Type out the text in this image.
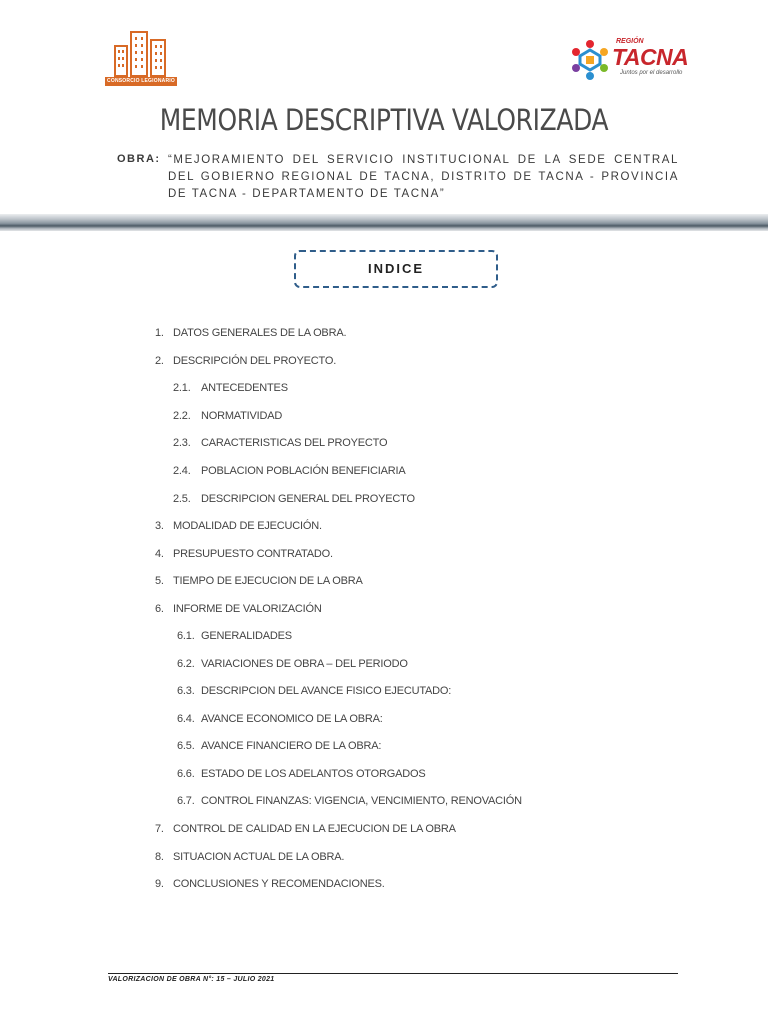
CONSORCIO LEGIONARIO
REGIÓN
TACNA
Juntos por el desarrollo
MEMORIA DESCRIPTIVA VALORIZADA
OBRA: “MEJORAMIENTO DEL SERVICIO INSTITUCIONAL DE LA SEDE CENTRAL DEL GOBIERNO REGIONAL DE TACNA, DISTRITO DE TACNA - PROVINCIA DE TACNA - DEPARTAMENTO DE TACNA”
INDICE
1. DATOS GENERALES DE LA OBRA.
2. DESCRIPCIÓN DEL PROYECTO.
2.1. ANTECEDENTES
2.2. NORMATIVIDAD
2.3. CARACTERISTICAS DEL PROYECTO
2.4. POBLACION POBLACIÓN BENEFICIARIA
2.5. DESCRIPCION GENERAL DEL PROYECTO
3. MODALIDAD DE EJECUCIÓN.
4. PRESUPUESTO CONTRATADO.
5. TIEMPO DE EJECUCION DE LA OBRA
6. INFORME DE VALORIZACIÓN
6.1. GENERALIDADES
6.2. VARIACIONES DE OBRA – DEL PERIODO
6.3. DESCRIPCION DEL AVANCE FISICO EJECUTADO:
6.4. AVANCE ECONOMICO DE LA OBRA:
6.5. AVANCE FINANCIERO DE LA OBRA:
6.6. ESTADO DE LOS ADELANTOS OTORGADOS
6.7. CONTROL FINANZAS: VIGENCIA, VENCIMIENTO, RENOVACIÓN
7. CONTROL DE CALIDAD EN LA EJECUCION DE LA OBRA
8. SITUACION ACTUAL DE LA OBRA.
9. CONCLUSIONES Y RECOMENDACIONES.
VALORIZACION DE OBRA N°: 15 – JULIO 2021
